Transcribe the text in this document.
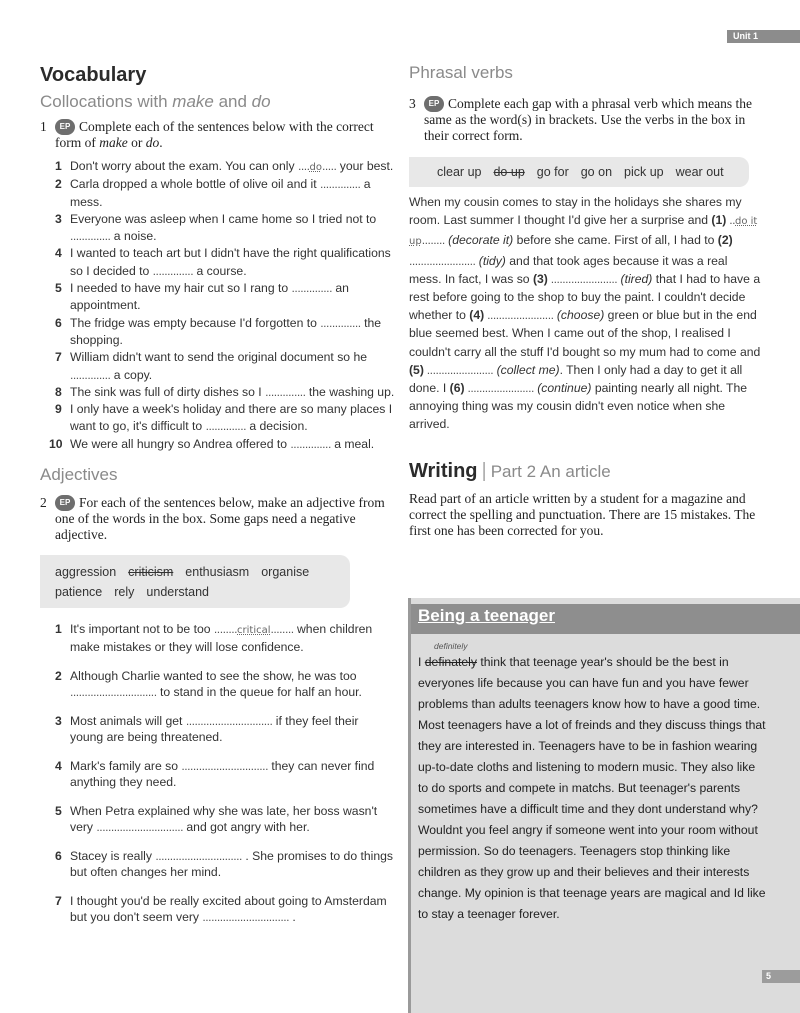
Unit 1
Vocabulary
Collocations with make and do
1 EP Complete each of the sentences below with the correct form of make or do.
1 Don't worry about the exam. You can only ....do..... your best.
2 Carla dropped a whole bottle of olive oil and it .............. a mess.
3 Everyone was asleep when I came home so I tried not to .............. a noise.
4 I wanted to teach art but I didn't have the right qualifications so I decided to .............. a course.
5 I needed to have my hair cut so I rang to .............. an appointment.
6 The fridge was empty because I'd forgotten to .............. the shopping.
7 William didn't want to send the original document so he .............. a copy.
8 The sink was full of dirty dishes so I .............. the washing up.
9 I only have a week's holiday and there are so many places I want to go, it's difficult to .............. a decision.
10 We were all hungry so Andrea offered to .............. a meal.
Adjectives
2 EP For each of the sentences below, make an adjective from one of the words in the box. Some gaps need a negative adjective.
aggression criticism enthusiasm organisepatience rely understand
1 It's important not to be too ........critical........ when children make mistakes or they will lose confidence.
2 Although Charlie wanted to see the show, he was too .............................. to stand in the queue for half an hour.
3 Most animals will get .............................. if they feel their young are being threatened.
4 Mark's family are so .............................. they can never find anything they need.
5 When Petra explained why she was late, her boss wasn't very .............................. and got angry with her.
6 Stacey is really .............................. . She promises to do things but often changes her mind.
7 I thought you'd be really excited about going to Amsterdam but you don't seem very .............................. .
Phrasal verbs
3 EP Complete each gap with a phrasal verb which means the same as the word(s) in brackets. Use the verbs in the box in their correct form.
clear up do up go for go on pick up wear out

When my cousin comes to stay in the holidays she shares my room. Last summer I thought I'd give her a surprise and (1) ..do it up........ (decorate it) before she came. First of all, I had to (2) ....................... (tidy) and that took ages because it was a real mess. In fact, I was so (3) ....................... (tired) that I had to have a rest before going to the shop to buy the paint. I couldn't decide whether to (4) ....................... (choose) green or blue but in the end blue seemed best. When I came out of the shop, I realised I couldn't carry all the stuff I'd bought so my mum had to come and (5) ....................... (collect me). Then I only had a day to get it all done. I (6) ....................... (continue) painting nearly all night. The annoying thing was my cousin didn't even notice when she arrived.

Writing | Part 2 An article

Read part of an article written by a student for a magazine and correct the spelling and punctuation. There are 15 mistakes. The first one has been corrected for you.

Being a teenager
definitely
I definately think that teenage year's should be the best in everyones life because you can have fun and you have fewer problems than adults teenagers know how to have a good time. Most teenagers have a lot of freinds and they discuss things that they are interested in. Teenagers have to be in fashion wearing up-to-date cloths and listening to modern music. They also like to do sports and compete in matchs. But teenager's parents sometimes have a difficult time and they dont understand why? Wouldnt you feel angry if someone went into your room without permission. So do teenagers. Teenagers stop thinking like children as they grow up and their believes and their interests change. My opinion is that teenage years are magical and Id like to stay a teenager forever.
5
